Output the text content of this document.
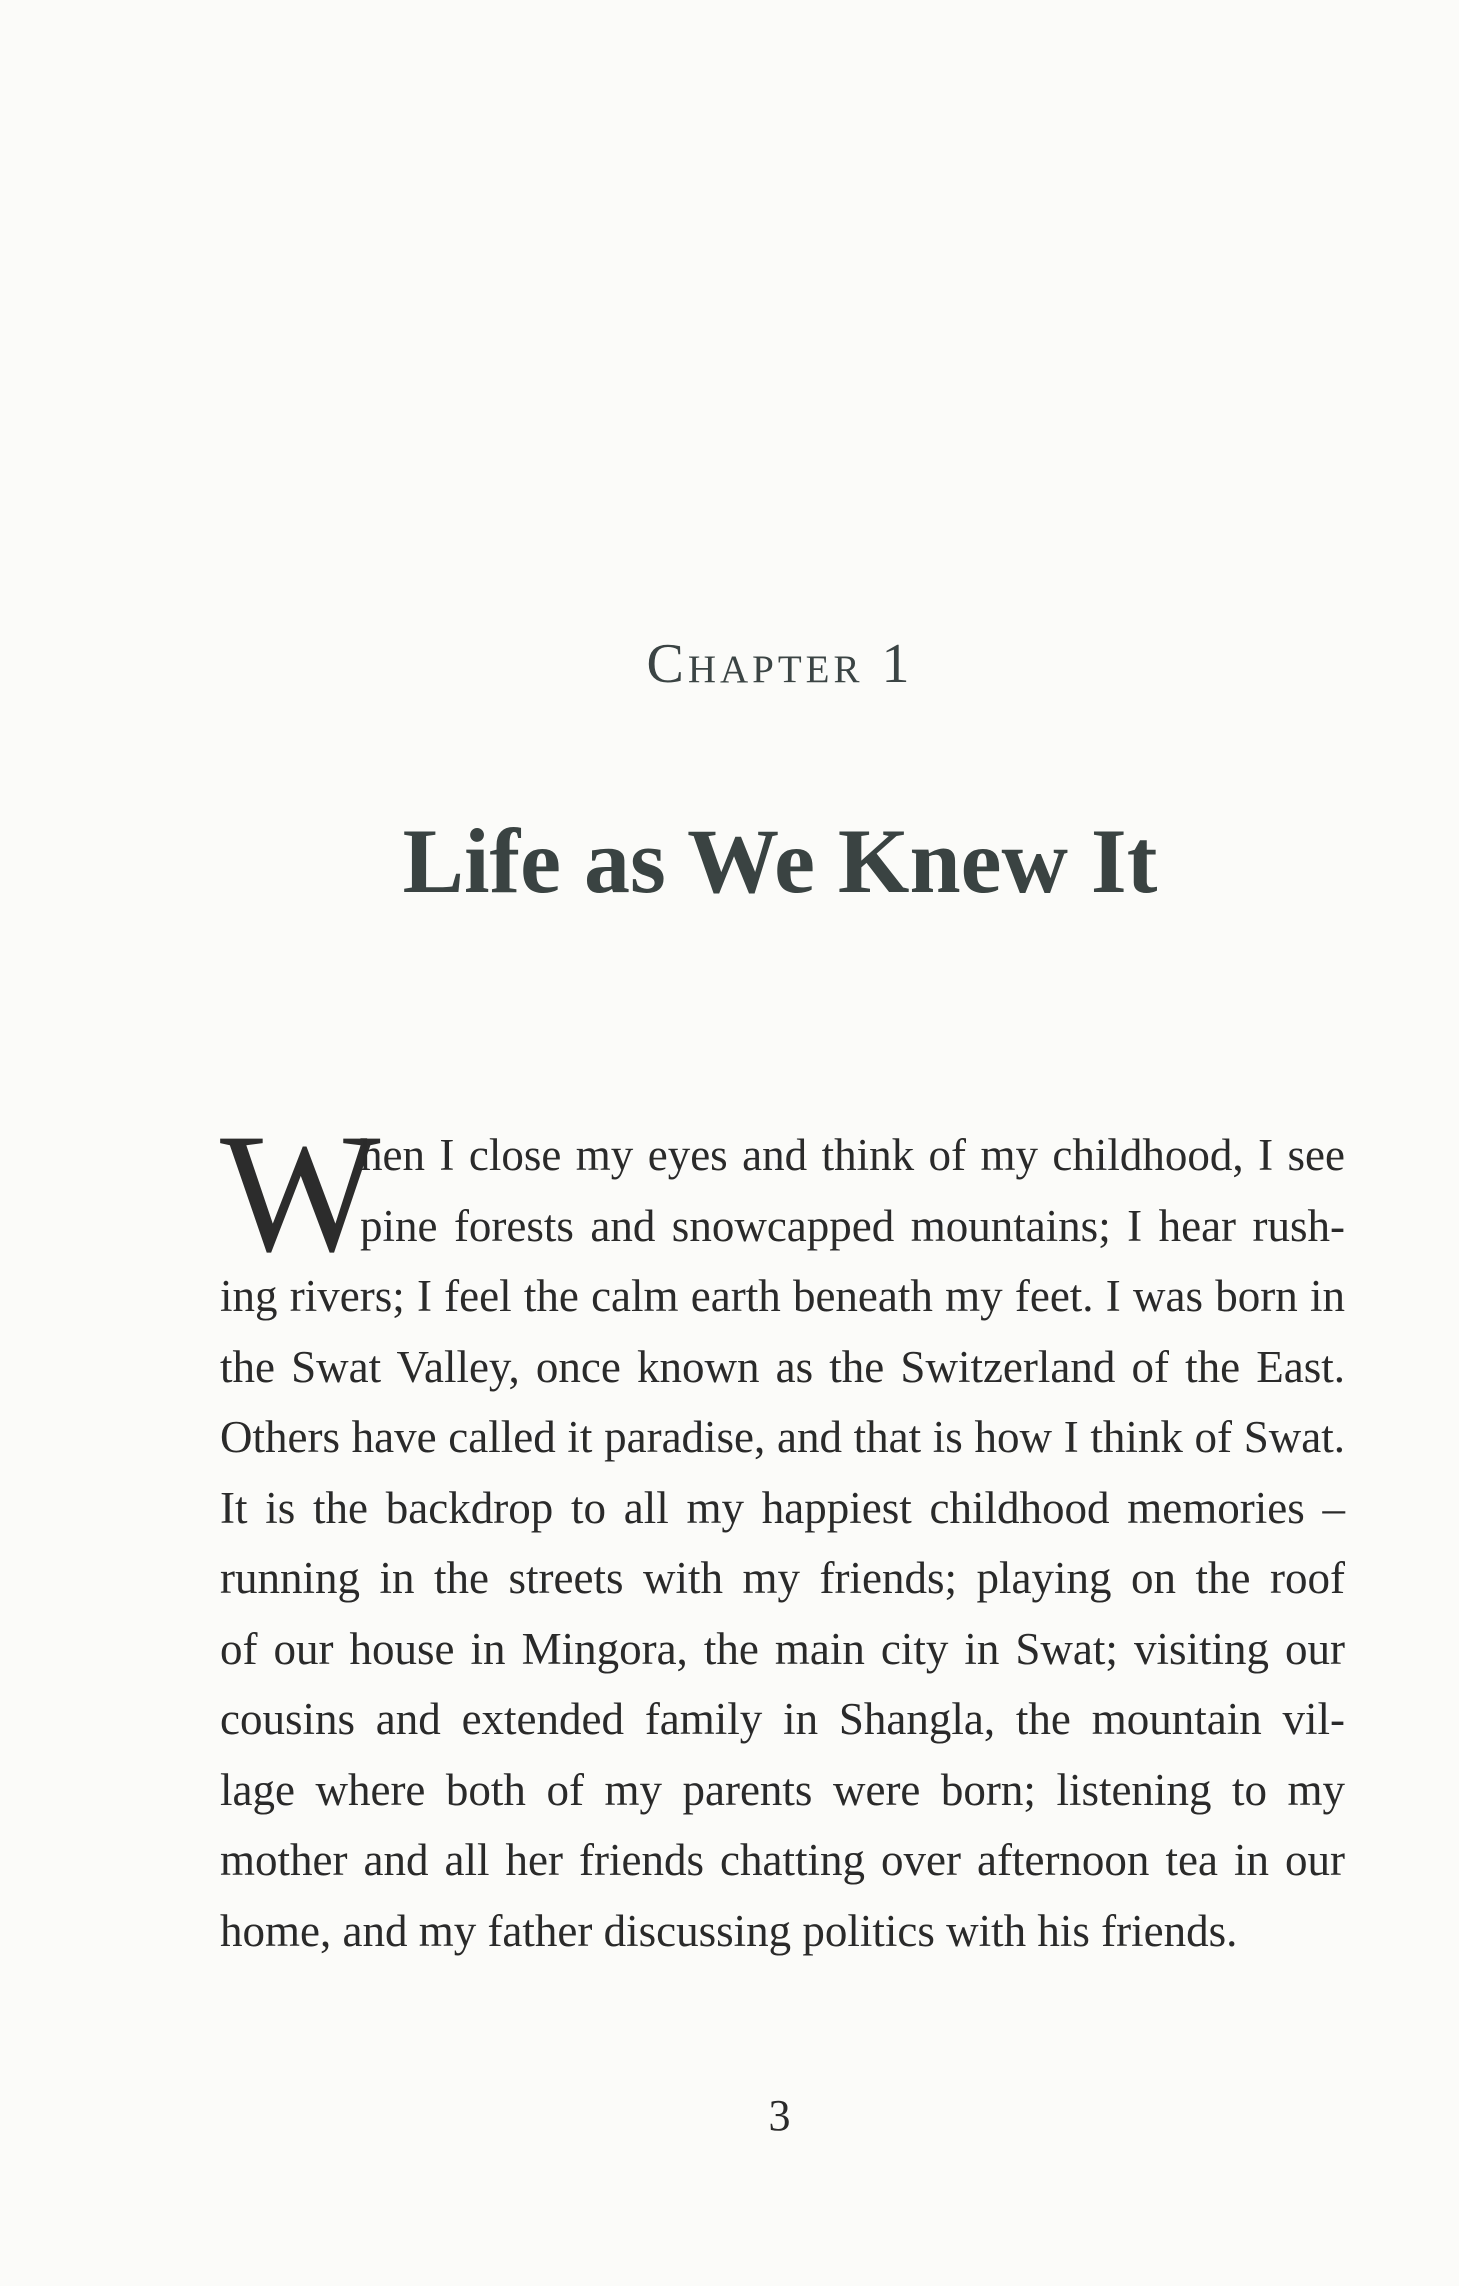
Chapter 1
Life as We Knew It
W
hen I close my eyes and think of my childhood, I see
pine forests and snowcapped mountains; I hear rush-
ing rivers; I feel the calm earth beneath my feet. I was born in
the Swat Valley, once known as the Switzerland of the East.
Others have called it paradise, and that is how I think of Swat.
It is the backdrop to all my happiest childhood memories –
running in the streets with my friends; playing on the roof
of our house in Mingora, the main city in Swat; visiting our
cousins and extended family in Shangla, the mountain vil-
lage where both of my parents were born; listening to my
mother and all her friends chatting over afternoon tea in our
home, and my father discussing politics with his friends.
3
